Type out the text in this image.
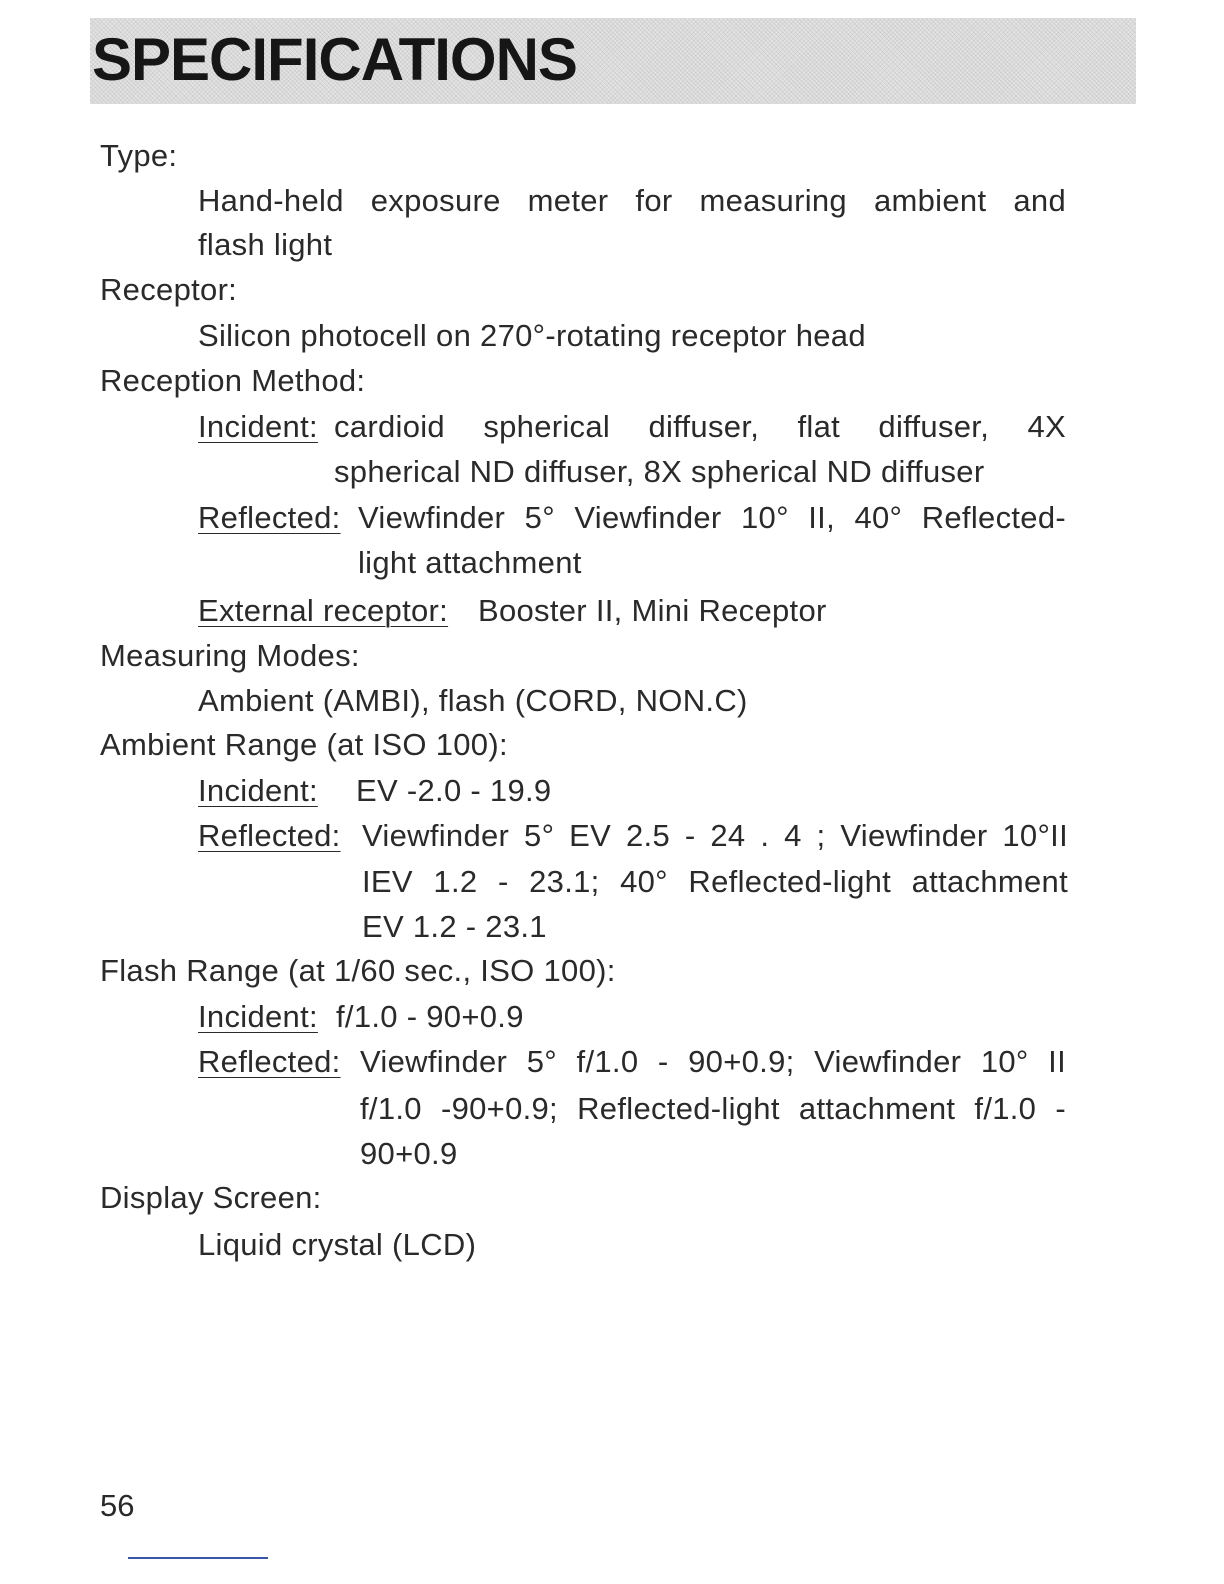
SPECIFICATIONS
Type:
Hand-held exposure meter for measuring ambient and
flash light
Receptor:
Silicon photocell on 270°-rotating receptor head
Reception Method:
Incident: cardioid spherical diffuser, flat diffuser, 4X
spherical ND diffuser, 8X spherical ND diffuser
Reflected: Viewfinder 5° Viewfinder 10° II, 40° Reflected-
light attachment
External receptor: Booster II, Mini Receptor
Measuring Modes:
Ambient (AMBI), flash (CORD, NON.C)
Ambient Range (at ISO 100):
Incident: EV -2.0 - 19.9
Reflected: Viewfinder 5° EV 2.5 - 24 . 4 ; Viewfinder 10°II
IEV 1.2 - 23.1; 40° Reflected-light attachment
EV 1.2 - 23.1
Flash Range (at 1/60 sec., ISO 100):
Incident: f/1.0 - 90+0.9
Reflected: Viewfinder 5° f/1.0 - 90+0.9; Viewfinder 10° II
f/1.0 -90+0.9; Reflected-light attachment f/1.0 -
90+0.9
Display Screen:
Liquid crystal (LCD)
56
